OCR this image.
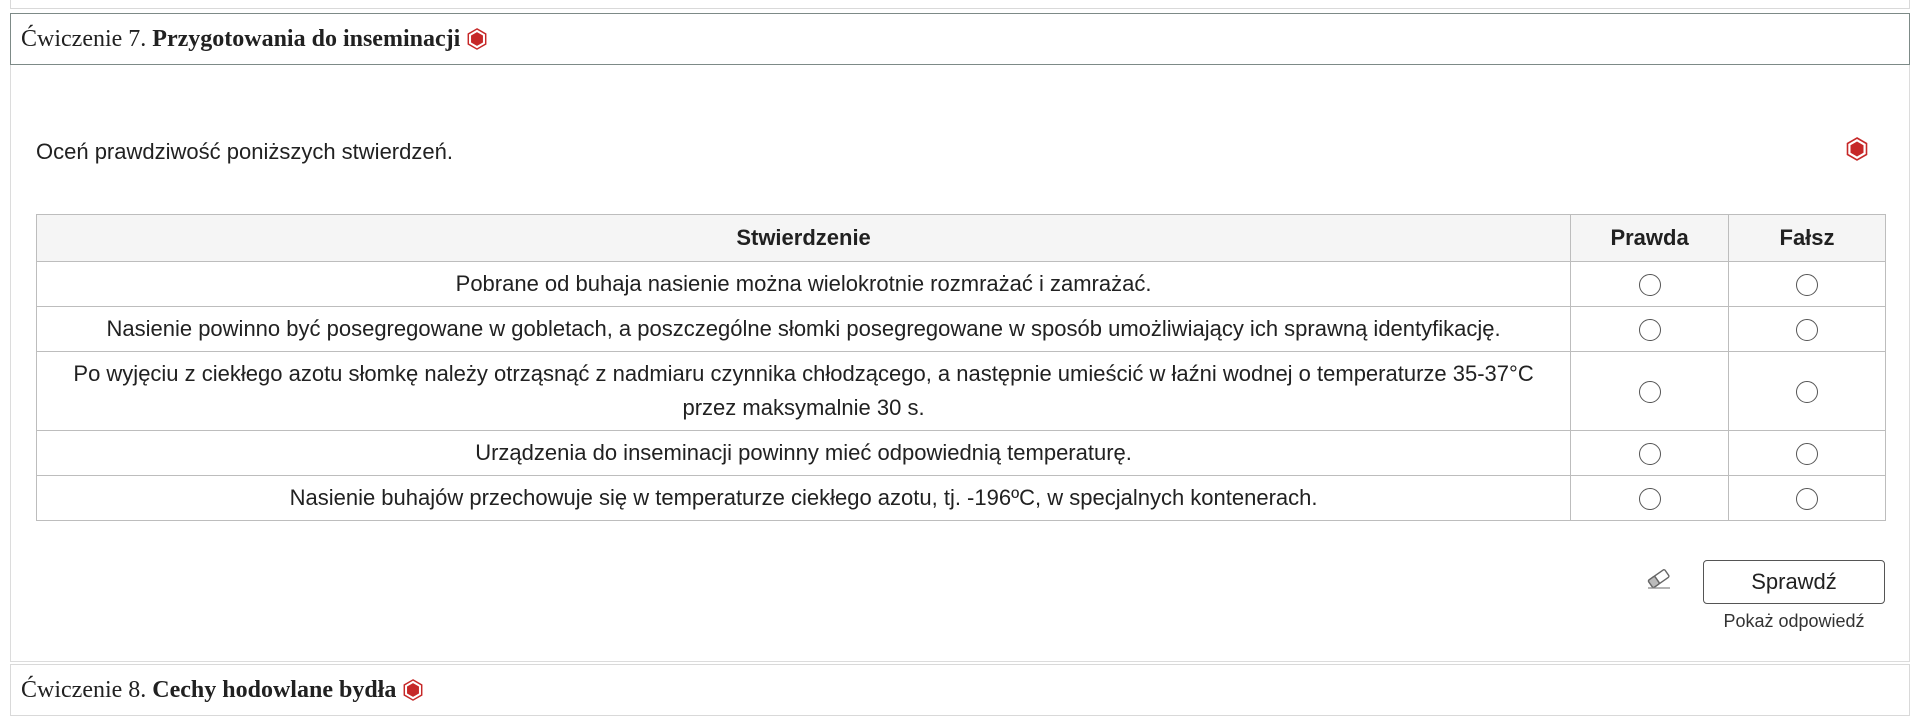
Ćwiczenie 7. Przygotowania do inseminacji
Oceń prawdziwość poniższych stwierdzeń.
Stwierdzenie	Prawda	Fałsz
Pobrane od buhaja nasienie można wielokrotnie rozmrażać i zamrażać.		
Nasienie powinno być posegregowane w gobletach, a poszczególne słomki posegregowane w sposób umożliwiający ich sprawną identyfikację.		
Po wyjęciu z ciekłego azotu słomkę należy otrząsnąć z nadmiaru czynnika chłodzącego, a następnie umieścić w łaźni wodnej o temperaturze 35-37°C przez maksymalnie 30 s.		
Urządzenia do inseminacji powinny mieć odpowiednią temperaturę.		
Nasienie buhajów przechowuje się w temperaturze ciekłego azotu, tj. -196ºC, w specjalnych kontenerach.		
Sprawdź
Pokaż odpowiedź
Ćwiczenie 8. Cechy hodowlane bydła
